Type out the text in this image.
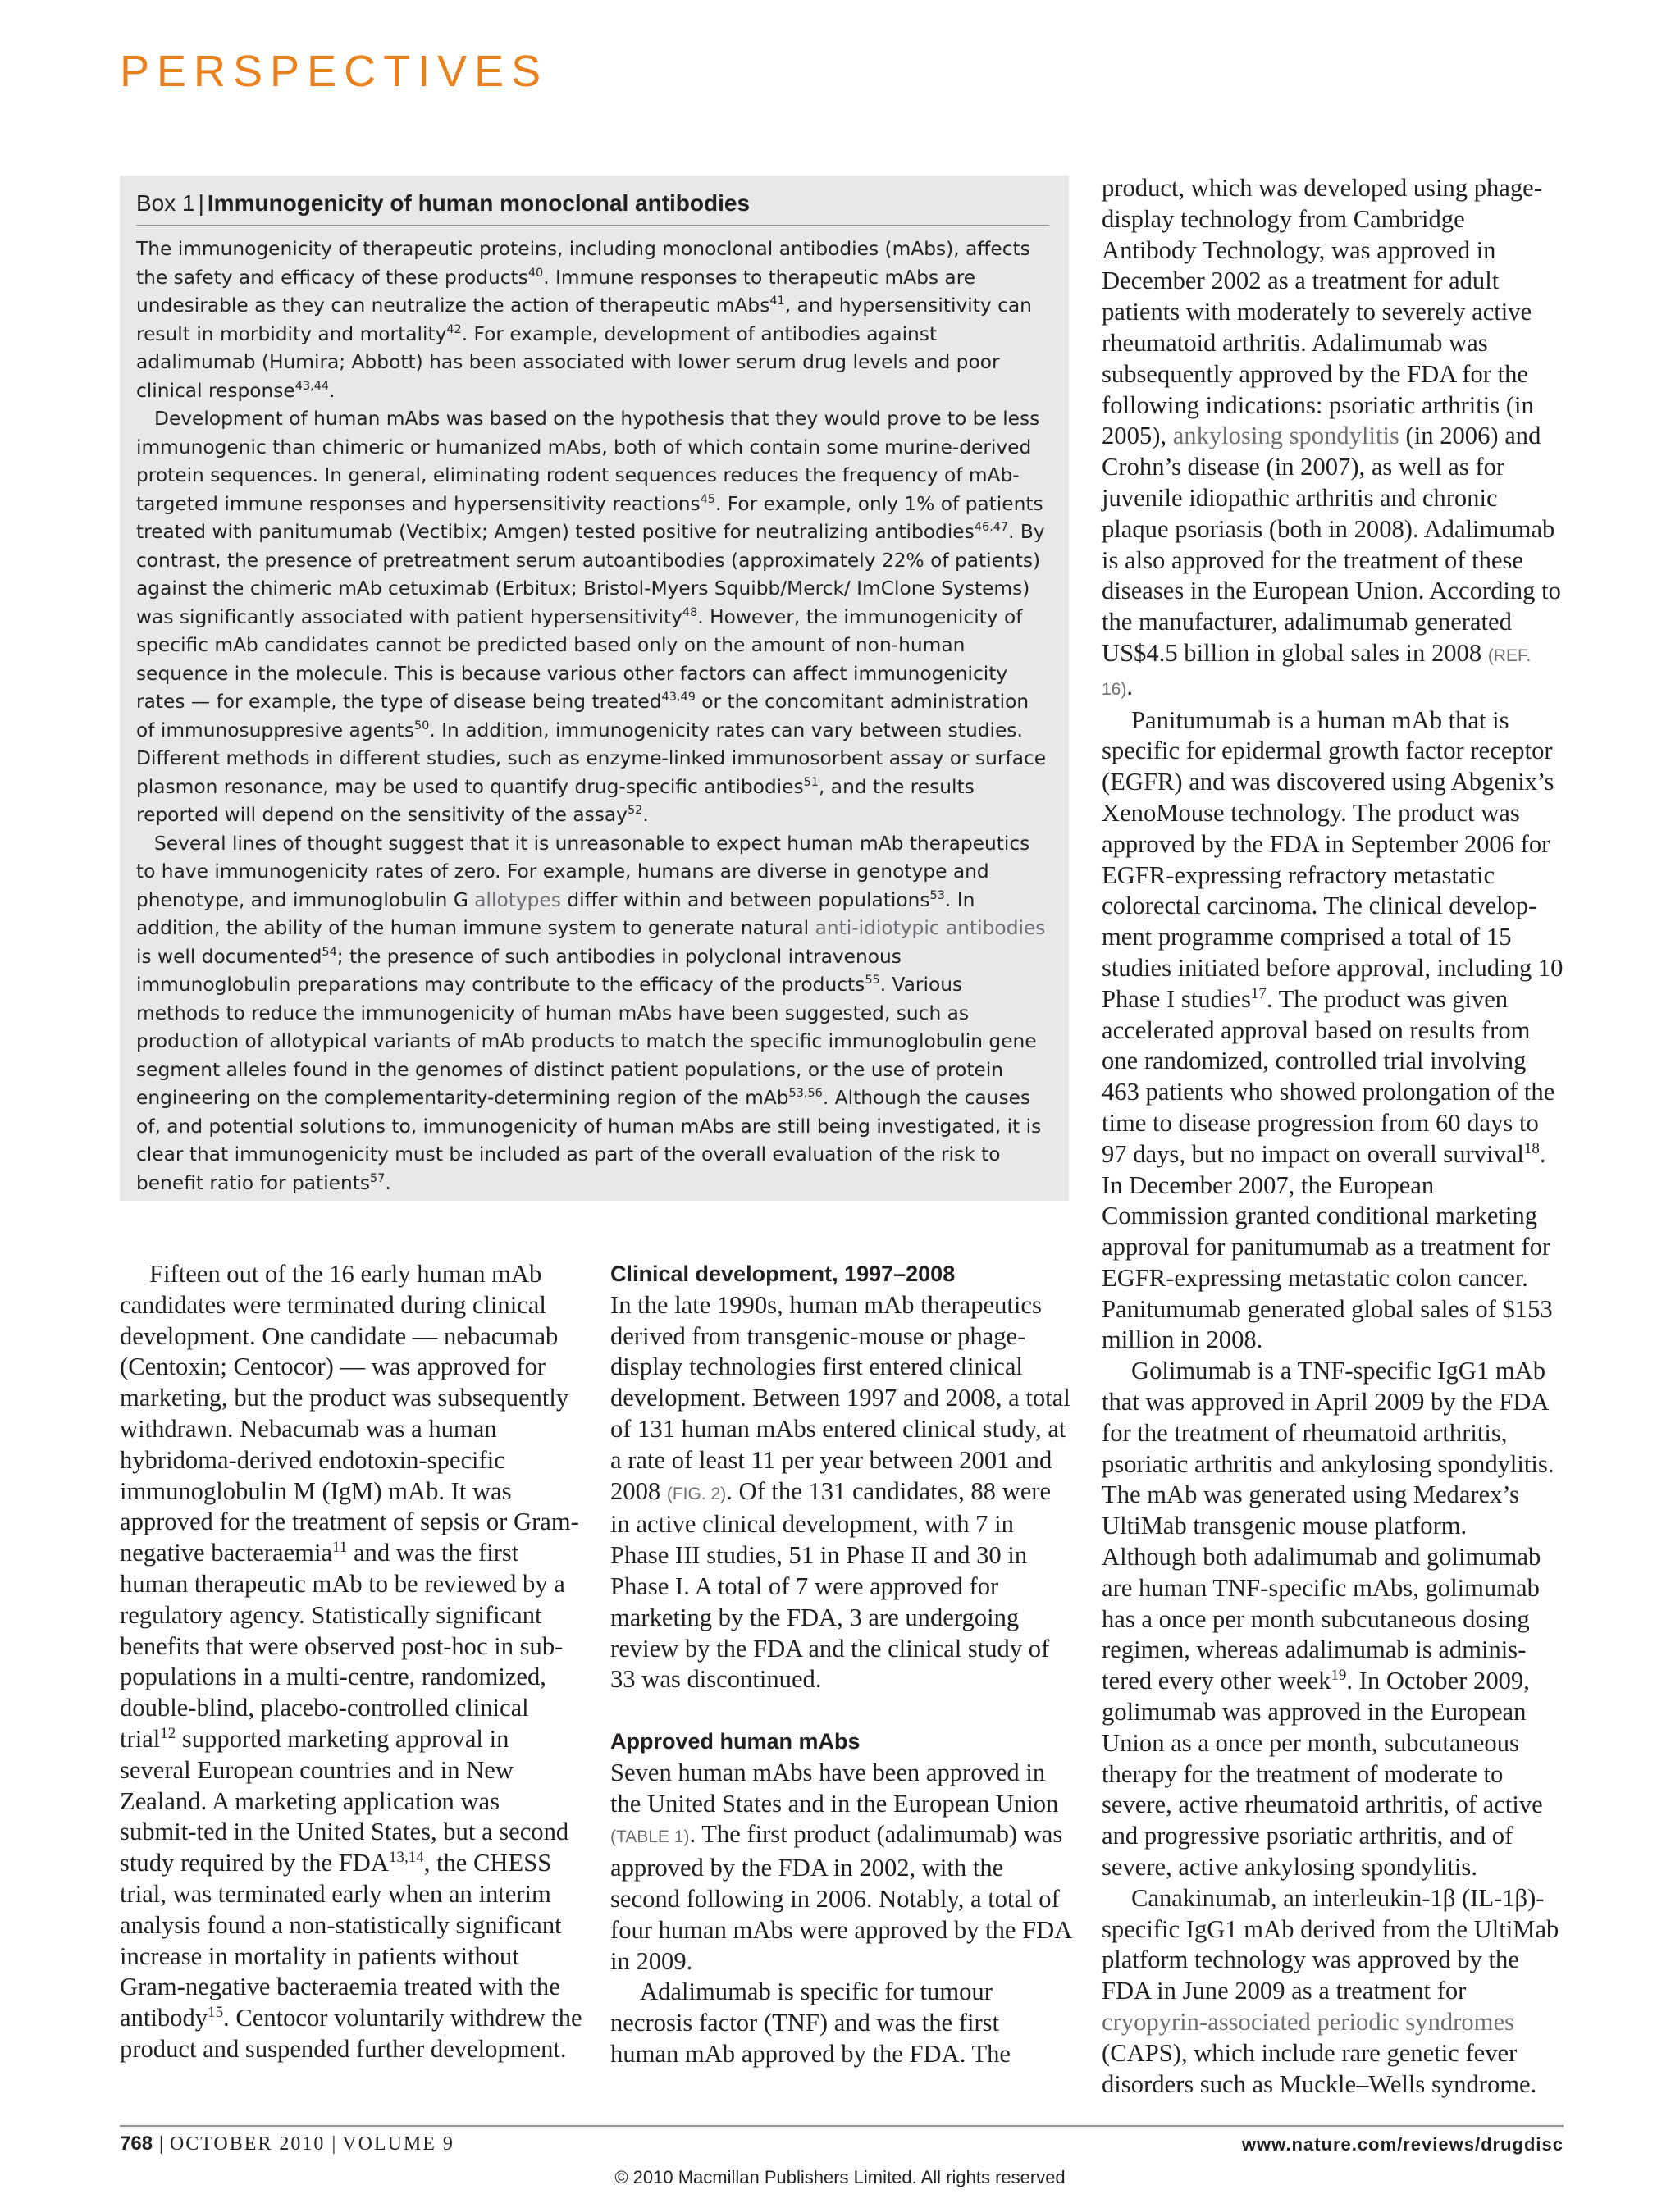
PERSPECTIVES
Box 1 | Immunogenicity of human monoclonal antibodies

The immunogenicity of therapeutic proteins, including monoclonal antibodies (mAbs), affects the safety and efficacy of these products$^{40}$. Immune responses to therapeutic mAbs are undesirable as they can neutralize the action of therapeutic mAbs$^{41}$, and hypersensitivity can result in morbidity and mortality$^{42}$. For example, development of antibodies against adalimumab (Humira; Abbott) has been associated with lower serum drug levels and poor clinical response$^{43,44}$.

Development of human mAbs was based on the hypothesis that they would prove to be less immunogenic than chimeric or humanized mAbs, both of which contain some murine-derived protein sequences. In general, eliminating rodent sequences reduces the frequency of mAb-targeted immune responses and hypersensitivity reactions$^{45}$. For example, only 1% of patients treated with panitumumab (Vectibix; Amgen) tested positive for neutralizing antibodies$^{46,47}$. By contrast, the presence of pretreatment serum autoantibodies (approximately 22% of patients) against the chimeric mAb cetuximab (Erbitux; Bristol-Myers Squibb/Merck/ ImClone Systems) was significantly associated with patient hypersensitivity$^{48}$. However, the immunogenicity of specific mAb candidates cannot be predicted based only on the amount of non-human sequence in the molecule. This is because various other factors can affect immunogenicity rates — for example, the type of disease being treated$^{43,49}$ or the concomitant administration of immunosuppresive agents$^{50}$. In addition, immunogenicity rates can vary between studies. Different methods in different studies, such as enzyme-linked immunosorbent assay or surface plasmon resonance, may be used to quantify drug-specific antibodies$^{51}$, and the results reported will depend on the sensitivity of the assay$^{52}$.

Several lines of thought suggest that it is unreasonable to expect human mAb therapeutics to have immunogenicity rates of zero. For example, humans are diverse in genotype and phenotype, and immunoglobulin G allotypes differ within and between populations$^{53}$. In addition, the ability of the human immune system to generate natural anti-idiotypic antibodies is well documented$^{54}$; the presence of such antibodies in polyclonal intravenous immunoglobulin preparations may contribute to the efficacy of the products$^{55}$. Various methods to reduce the immunogenicity of human mAbs have been suggested, such as production of allotypical variants of mAb products to match the specific immunoglobulin gene segment alleles found in the genomes of distinct patient populations, or the use of protein engineering on the complementarity-determining region of the mAb$^{53,56}$. Although the causes of, and potential solutions to, immunogenicity of human mAbs are still being investigated, it is clear that immunogenicity must be included as part of the overall evaluation of the risk to benefit ratio for patients$^{57}$.

Fifteen out of the 16 early human mAb candidates were terminated during clinical development. One candidate — nebacumab (Centoxin; Centocor) — was approved for marketing, but the product was subsequently withdrawn. Nebacumab was a human hybridoma-derived endotoxin-specific immunoglobulin M (IgM) mAb. It was approved for the treatment of sepsis or Gram-negative bacteraemia$^{11}$ and was the first human therapeutic mAb to be reviewed by a regulatory agency. Statistically significant benefits that were observed post-hoc in sub-populations in a multi-centre, randomized, double-blind, placebo-controlled clinical trial$^{12}$ supported marketing approval in several European countries and in New Zealand. A marketing application was submit-ted in the United States, but a second study required by the FDA$^{13,14}$, the CHESS trial, was terminated early when an interim analysis found a non-statistically significant increase in mortality in patients without Gram-negative bacteraemia treated with the antibody$^{15}$. Centocor voluntarily withdrew the product and suspended further development.

Clinical development, 1997–2008

In the late 1990s, human mAb therapeutics derived from transgenic-mouse or phage-display technologies first entered clinical development. Between 1997 and 2008, a total of 131 human mAbs entered clinical study, at a rate of least 11 per year between 2001 and 2008 (FIG. 2). Of the 131 candidates, 88 were in active clinical development, with 7 in Phase III studies, 51 in Phase II and 30 in Phase I. A total of 7 were approved for marketing by the FDA, 3 are undergoing review by the FDA and the clinical study of 33 was discontinued.

Approved human mAbs

Seven human mAbs have been approved in the United States and in the European Union (TABLE 1). The first product (adalimumab) was approved by the FDA in 2002, with the second following in 2006. Notably, a total of four human mAbs were approved by the FDA in 2009.

Adalimumab is specific for tumour necrosis factor (TNF) and was the first human mAb approved by the FDA. The

product, which was developed using phage-display technology from Cambridge Antibody Technology, was approved in December 2002 as a treatment for adult patients with moderately to severely active rheumatoid arthritis. Adalimumab was subsequently approved by the FDA for the following indications: psoriatic arthritis (in 2005), ankylosing spondylitis (in 2006) and Crohn’s disease (in 2007), as well as for juvenile idiopathic arthritis and chronic plaque psoriasis (both in 2008). Adalimumab is also approved for the treatment of these diseases in the European Union. According to the manufacturer, adalimumab generated US$4.5 billion in global sales in 2008 (REF. 16).

Panitumumab is a human mAb that is specific for epidermal growth factor receptor (EGFR) and was discovered using Abgenix’s XenoMouse technology. The product was approved by the FDA in September 2006 for EGFR-expressing refractory metastatic colorectal carcinoma. The clinical develop-ment programme comprised a total of 15 studies initiated before approval, including 10 Phase I studies$^{17}$. The product was given accelerated approval based on results from one randomized, controlled trial involving 463 patients who showed prolongation of the time to disease progression from 60 days to 97 days, but no impact on overall survival$^{18}$. In December 2007, the European Commission granted conditional marketing approval for panitumumab as a treatment for EGFR-expressing metastatic colon cancer. Panitumumab generated global sales of $153 million in 2008.

Golimumab is a TNF-specific IgG1 mAb that was approved in April 2009 by the FDA for the treatment of rheumatoid arthritis, psoriatic arthritis and ankylosing spondylitis. The mAb was generated using Medarex’s UltiMab transgenic mouse platform. Although both adalimumab and golimumab are human TNF-specific mAbs, golimumab has a once per month subcutaneous dosing regimen, whereas adalimumab is adminis-tered every other week$^{19}$. In October 2009, golimumab was approved in the European Union as a once per month, subcutaneous therapy for the treatment of moderate to severe, active rheumatoid arthritis, of active and progressive psoriatic arthritis, and of severe, active ankylosing spondylitis.

Canakinumab, an interleukin-1β (IL-1β)-specific IgG1 mAb derived from the UltiMab platform technology was approved by the FDA in June 2009 as a treatment for cryopyrin-associated periodic syndromes (CAPS), which include rare genetic fever disorders such as Muckle–Wells syndrome.

768 | OCTOBER 2010 | VOLUME 9	www.nature.com/reviews/drugdisc
© 2010 Macmillan Publishers Limited. All rights reserved
